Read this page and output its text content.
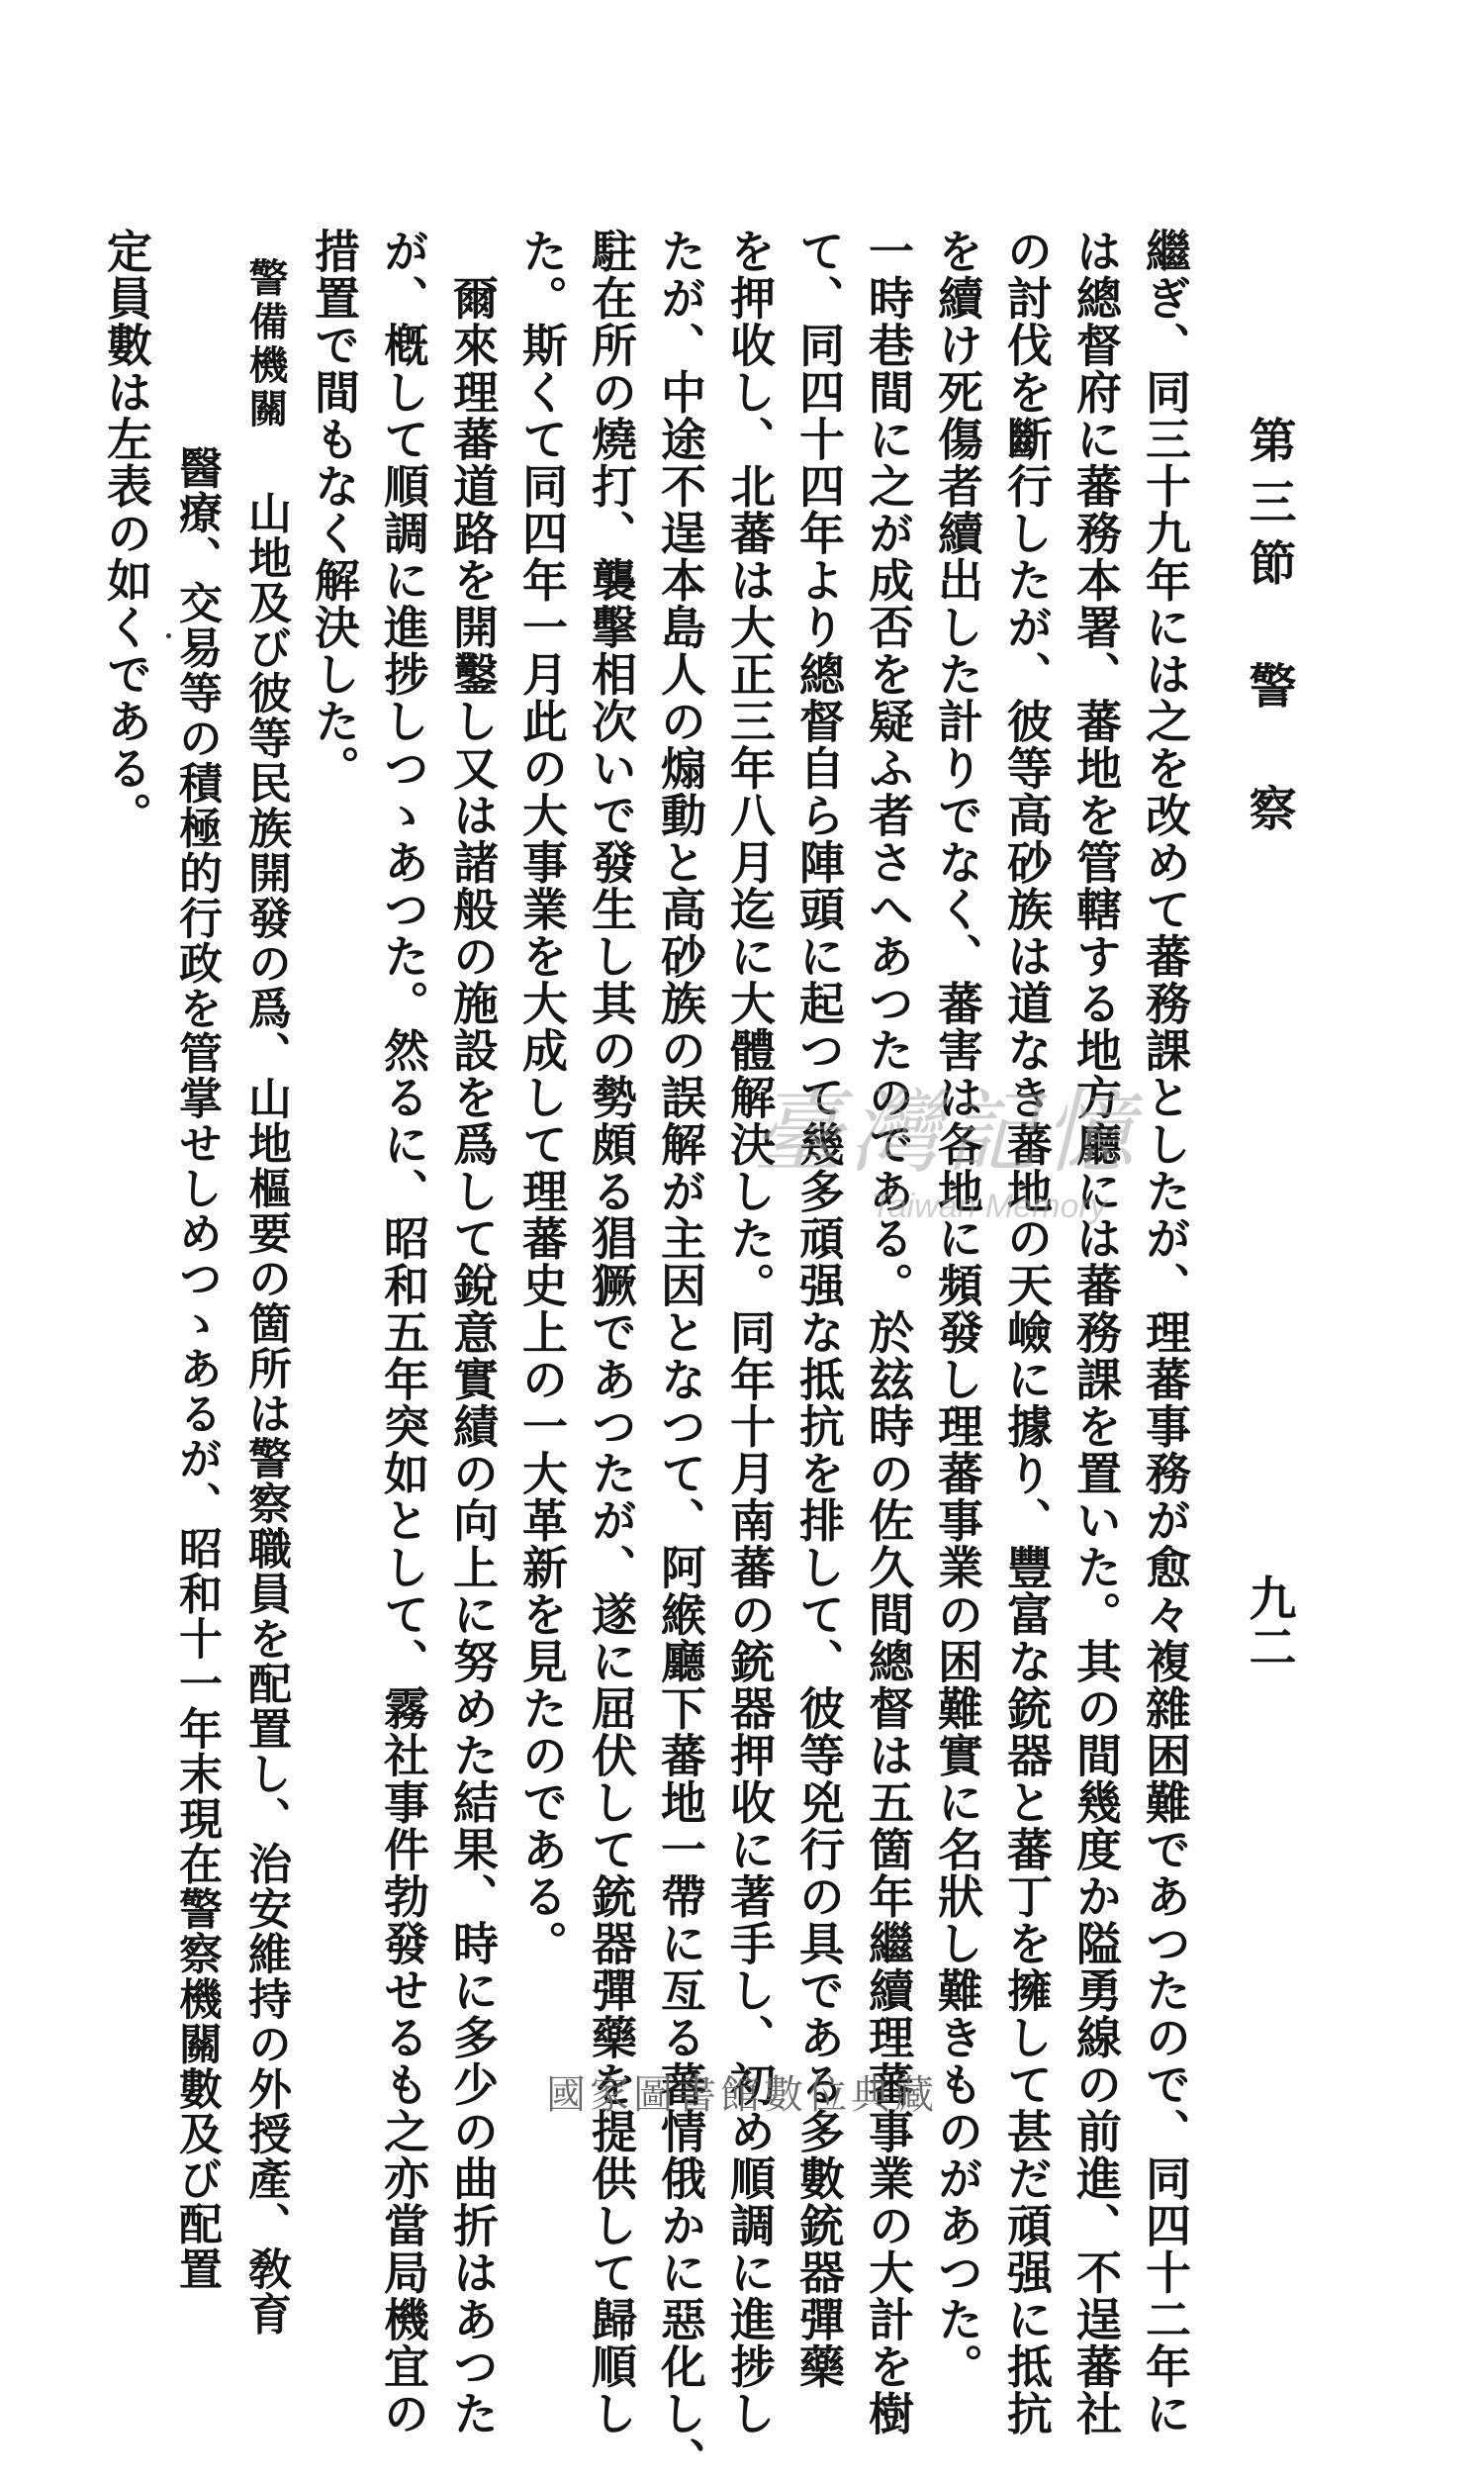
第三節　警　察
九二
繼ぎ、同三十九年には之を改めて蕃務課としたが、理蕃事務が愈々複雜困難であつたので、同四十二年に
は總督府に蕃務本署、蕃地を管轄する地方廳には蕃務課を置いた。其の間幾度か隘勇線の前進、不逞蕃社
の討伐を斷行したが、彼等高砂族は道なき蕃地の天嶮に據り、豐富な銃器と蕃丁を擁して甚だ頑强に抵抗
を續け死傷者續出した計りでなく、蕃害は各地に頻發し理蕃事業の困難實に名狀し難きものがあつた。
一時巷間に之が成否を疑ふ者さへあつたのである。於玆時の佐久間總督は五箇年繼續理蕃事業の大計を樹
て、同四十四年より總督自ら陣頭に起つて幾多頑强な抵抗を排して、彼等兇行の具である多數銃器彈藥
を押收し、北蕃は大正三年八月迄に大體解決した。同年十月南蕃の銃器押收に著手し、初め順調に進捗し
たが、中途不逞本島人の煽動と高砂族の誤解が主因となつて、阿緱廳下蕃地一帶に亙る蕃情俄かに惡化し、
駐在所の燒打、襲擊相次いで發生し其の勢頗る猖獗であつたが、遂に屈伏して銃器彈藥を提供して歸順し
た。斯くて同四年一月此の大事業を大成して理蕃史上の一大革新を見たのである。
　爾來理蕃道路を開鑿し又は諸般の施設を爲して銳意實績の向上に努めた結果、時に多少の曲折はあつた
が、槪して順調に進捗しつゝあつた。然るに、昭和五年突如として、霧社事件勃發せるも之亦當局機宜の
措置で間もなく解決した。
警備機關
　山地及び彼等民族開發の爲、山地樞要の箇所は警察職員を配置し、治安維持の外授產、敎育
醫療、交易等の積極的行政を管掌せしめつゝあるが、昭和十一年末現在警察機關數及び配置
定員數は左表の如くである。
臺灣記憶
Taiwan Memory
國家圖書館數位典藏
